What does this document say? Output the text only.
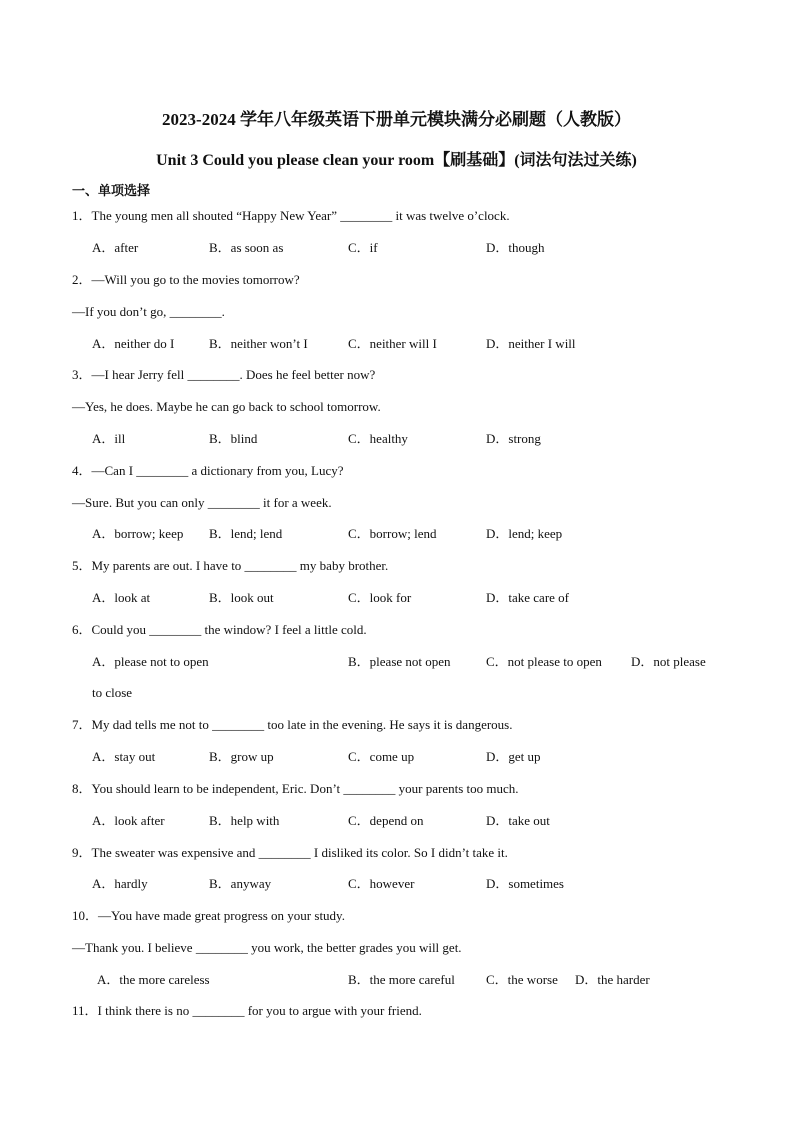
2023-2024 学年八年级英语下册单元模块满分必刷题（人教版）
Unit 3 Could you please clean your room【刷基础】(词法句法过关练)
一、单项选择
1．The young men all shouted “Happy New Year” ________ it was twelve o’clock.
A．after	B．as soon as	C．if	D．though
2．—Will you go to the movies tomorrow?
—If you don’t go, ________.
A．neither do I	B．neither won’t I	C．neither will I	D．neither I will
3．—I hear Jerry fell ________. Does he feel better now?
—Yes, he does. Maybe he can go back to school tomorrow.
A．ill	B．blind	C．healthy	D．strong
4．—Can I ________ a dictionary from you, Lucy?
—Sure. But you can only ________ it for a week.
A．borrow; keep B．lend; lend	C．borrow; lend	D．lend; keep
5．My parents are out. I have to ________ my baby brother.
A．look at	B．look out	C．look for	D．take care of
6．Could you ________ the window? I feel a little cold.
A．please not to open	B．please not open	C．not please to open D．not please
to close
7．My dad tells me not to ________ too late in the evening. He says it is dangerous.
A．stay out	B．grow up	C．come up	D．get up
8．You should learn to be independent, Eric. Don’t ________ your parents too much.
A．look after	B．help with	C．depend on	D．take out
9．The sweater was expensive and ________ I disliked its color. So I didn’t take it.
A．hardly	B．anyway	C．however	D．sometimes
10．—You have made great progress on your study.
—Thank you. I believe ________ you work, the better grades you will get.
A．the more careless	B．the more careful C．the worse D．the harder
11．I think there is no ________ for you to argue with your friend.
